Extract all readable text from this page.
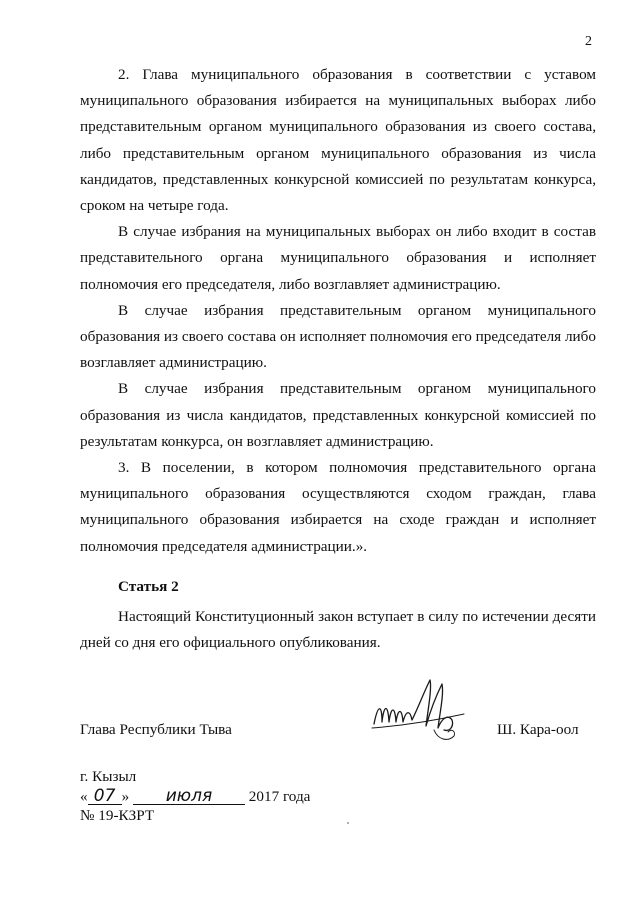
2

2. Глава муниципального образования в соответствии с уставом муниципального образования избирается на муниципальных выборах либо представительным органом муниципального образования из своего состава, либо представительным органом муниципального образования из числа кандидатов, представленных конкурсной комиссией по результатам конкурса, сроком на четыре года.

В случае избрания на муниципальных выборах он либо входит в состав представительного органа муниципального образования и исполняет полномочия его председателя, либо возглавляет администрацию.

В случае избрания представительным органом муниципального образования из своего состава он исполняет полномочия его председателя либо возглавляет администрацию.

В случае избрания представительным органом муниципального образования из числа кандидатов, представленных конкурсной комиссией по результатам конкурса, он возглавляет администрацию.

3. В поселении, в котором полномочия представительного органа муниципального образования осуществляются сходом граждан, глава муниципального образования избирается на сходе граждан и исполняет полномочия председателя администрации.».

Статья 2

Настоящий Конституционный закон вступает в силу по истечении десяти дней со дня его официального опубликования.

Глава Республики Тыва	Ш. Кара-оол
г. Кызыл
« 07 » июля 2017 года
№ 19-КЗРТ
